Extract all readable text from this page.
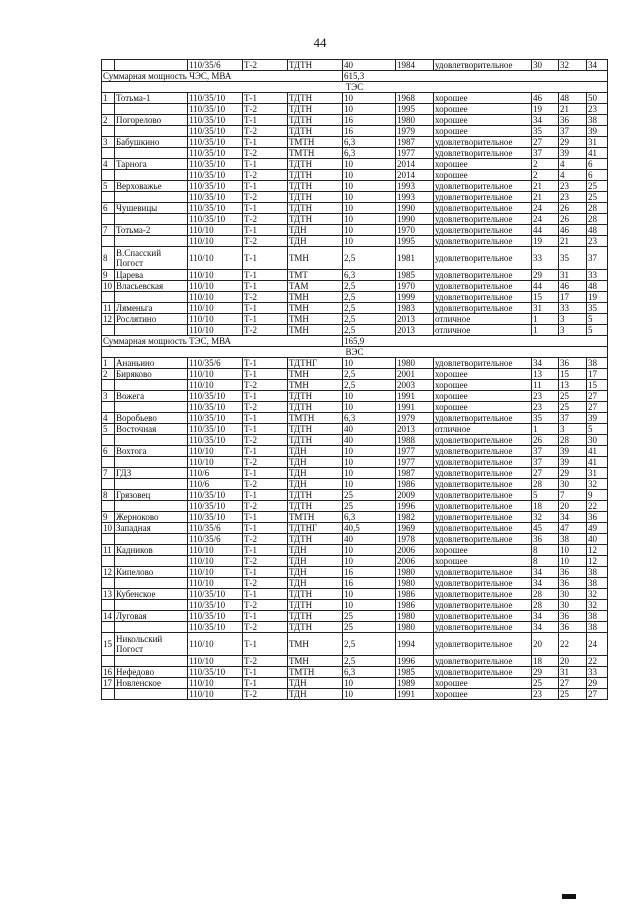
44
		110/35/6	Т-2	ТДТН	40	1984	удовлетворительное	30	32	34
Суммарная мощность ЧЭС, МВА					615,3					
ТЭС										
1	Тотьма-1	110/35/10	Т-1	ТДТН	10	1968	хорошее	46	48	50
		110/35/10	Т-2	ТДТН	10	1995	хорошее	19	21	23
2	Погорелово	110/35/10	Т-1	ТДТН	16	1980	хорошее	34	36	38
		110/35/10	Т-2	ТДТН	16	1979	хорошее	35	37	39
3	Бабушкино	110/35/10	Т-1	ТМТН	6,3	1987	удовлетворительное	27	29	31
		110/35/10	Т-2	ТМТН	6,3	1977	удовлетворительное	37	39	41
4	Тарнога	110/35/10	Т-1	ТДТН	10	2014	хорошее	2	4	6
		110/35/10	Т-2	ТДТН	10	2014	хорошее	2	4	6
5	Верховажье	110/35/10	Т-1	ТДТН	10	1993	удовлетворительное	21	23	25
		110/35/10	Т-2	ТДТН	10	1993	удовлетворительное	21	23	25
6	Чушевицы	110/35/10	Т-1	ТДТН	10	1990	удовлетворительное	24	26	28
		110/35/10	Т-2	ТДТН	10	1990	удовлетворительное	24	26	28
7	Тотьма-2	110/10	Т-1	ТДН	10	1970	удовлетворительное	44	46	48
		110/10	Т-2	ТДН	10	1995	удовлетворительное	19	21	23
8	В.Спасский Погост	110/10	Т-1	ТМН	2,5	1981	удовлетворительное	33	35	37
9	Царева	110/10	Т-1	ТМТ	6,3	1985	удовлетворительное	29	31	33
10	Власьевская	110/10	Т-1	ТАМ	2,5	1970	удовлетворительное	44	46	48
		110/10	Т-2	ТМН	2,5	1999	удовлетворительное	15	17	19
11	Ляменьга	110/10	Т-1	ТМН	2,5	1983	удовлетворительное	31	33	35
12	Рослятино	110/10	Т-1	ТМН	2,5	2013	отличное	1	3	5
		110/10	Т-2	ТМН	2,5	2013	отличное	1	3	5
Суммарная мощность ТЭС, МВА					165,9					
ВЭС										
1	Ананьино	110/35/6	Т-1	ТДТНГ	10	1980	удовлетворительное	34	36	38
2	Биряково	110/10	Т-1	ТМН	2,5	2001	хорошее	13	15	17
		110/10	Т-2	ТМН	2,5	2003	хорошее	11	13	15
3	Вожега	110/35/10	Т-1	ТДТН	10	1991	хорошее	23	25	27
		110/35/10	Т-2	ТДТН	10	1991	хорошее	23	25	27
4	Воробьево	110/35/10	Т-1	ТМТН	6,3	1979	удовлетворительное	35	37	39
5	Восточная	110/35/10	Т-1	ТДТН	40	2013	отличное	1	3	5
		110/35/10	Т-2	ТДТН	40	1988	удовлетворительное	26	28	30
6	Вохтога	110/10	Т-1	ТДН	10	1977	удовлетворительное	37	39	41
		110/10	Т-2	ТДН	10	1977	удовлетворительное	37	39	41
7	ГДЗ	110/6	Т-1	ТДН	10	1987	удовлетворительное	27	29	31
		110/6	Т-2	ТДН	10	1986	удовлетворительное	28	30	32
8	Грязовец	110/35/10	Т-1	ТДТН	25	2009	удовлетворительное	5	7	9
		110/35/10	Т-2	ТДТН	25	1996	удовлетворительное	18	20	22
9	Жерноково	110/35/10	Т-1	ТМТН	6,3	1982	удовлетворительное	32	34	36
10	Западная	110/35/6	Т-1	ТДТНГ	40,5	1969	удовлетворительное	45	47	49
		110/35/6	Т-2	ТДТН	40	1978	удовлетворительное	36	38	40
11	Кадников	110/10	Т-1	ТДН	10	2006	хорошее	8	10	12
		110/10	Т-2	ТДН	10	2006	хорошее	8	10	12
12	Кипелово	110/10	Т-1	ТДН	16	1980	удовлетворительное	34	36	38
		110/10	Т-2	ТДН	16	1980	удовлетворительное	34	36	38
13	Кубенское	110/35/10	Т-1	ТДТН	10	1986	удовлетворительное	28	30	32
		110/35/10	Т-2	ТДТН	10	1986	удовлетворительное	28	30	32
14	Луговая	110/35/10	Т-1	ТДТН	25	1980	удовлетворительное	34	36	38
		110/35/10	Т-2	ТДТН	25	1980	удовлетворительное	34	36	38
15	Никольский Погост	110/10	Т-1	ТМН	2,5	1994	удовлетворительное	20	22	24
		110/10	Т-2	ТМН	2,5	1996	удовлетворительное	18	20	22
16	Нефедово	110/35/10	Т-1	ТМТН	6,3	1985	удовлетворительное	29	31	33
17	Новленское	110/10	Т-1	ТДН	10	1989	хорошее	25	27	29
		110/10	Т-2	ТДН	10	1991	хорошее	23	25	27
